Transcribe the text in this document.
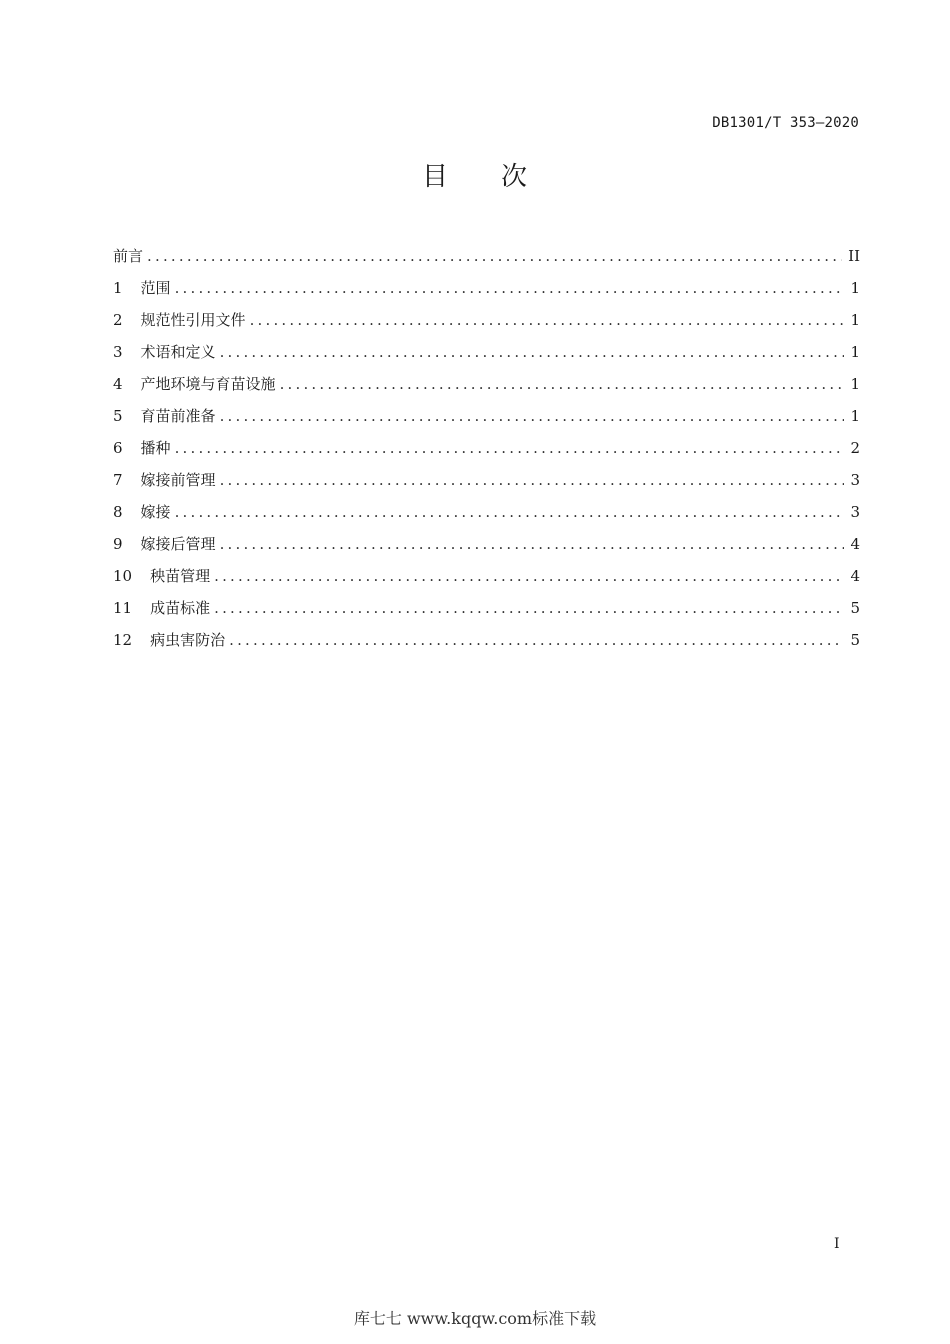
DB1301/T 353—2020
目 次
前言 .....	II
1 范围 .....	1
2 规范性引用文件 .....	1
3 术语和定义 .....	1
4 产地环境与育苗设施 .....	1
5 育苗前准备 .....	1
6 播种 .....	2
7 嫁接前管理 .....	3
8 嫁接 .....	3
9 嫁接后管理 .....	4
10 秧苗管理 .....	4
11 成苗标准 .....	5
12 病虫害防治 .....	5
I
库七七 www.kqqw.com标准下载
